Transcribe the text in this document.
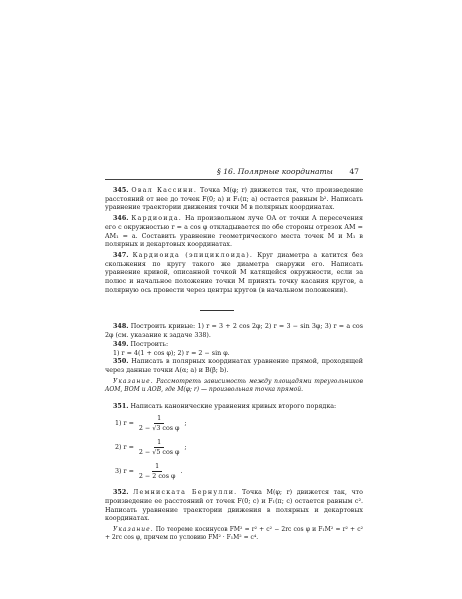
§ 16. Полярные координаты 47

345. Овал Кассини. Точка M(φ; r) движется так, что произведение расстояний от нее до точек F(0; a) и F₁(π; a) остается равным b². Написать уравнение траектории движения точки M в полярных координатах.

346. Кардиоида. На произвольном луче OA от точки A пересечения его с окружностью r = a cos φ откладывается по обе стороны отрезок AM = AM₁ = a. Составить уравнение геометрического места точек M и M₁ в полярных и декартовых координатах.

347. Кардиоида (эпициклоида). Круг диаметра a катится без скольжения по кругу такого же диаметра снаружи его. Написать уравнение кривой, описанной точкой M катящейся окружности, если за полюс и начальное положение точки M принять точку касания кругов, а полярную ось провести через центры кругов (в начальном положении).

348. Построить кривые: 1) r = 3 + 2 cos 2φ; 2) r = 3 − sin 3φ; 3) r = a cos 2φ (см. указание к задаче 338).

349. Построить:

1) r = 4(1 + cos φ); 2) r = 2 − sin φ.

350. Написать в полярных координатах уравнение прямой, проходящей через данные точки A(α; a) и B(β; b).

Указание. Рассмотреть зависимость между площадями треугольников AOM, BOM и AOB, где M(φ; r) — произвольная точка прямой.

351. Написать канонические уравнения кривых второго порядка:

1) $r = \frac{1}{\text{2 − √3 cos φ}}$ ;
2) $r = \frac{1}{\text{2 − √5 cos φ}}$ ;
3) $r = \frac{1}{\text{2 − 2 cos φ}}$ .

352. Лемниската Бернулли. Точка M(φ; r) движется так, что произведение ее расстояний от точек F(0; c) и F₁(π; c) остается равным c². Написать уравнение траектории движения в полярных и декартовых координатах.

Указание. По теореме косинусов FM² = r² + c² − 2rc cos φ и F₁M² = r² + c² + 2rc cos φ, причем по условию FM² · F₁M² = c⁴.
